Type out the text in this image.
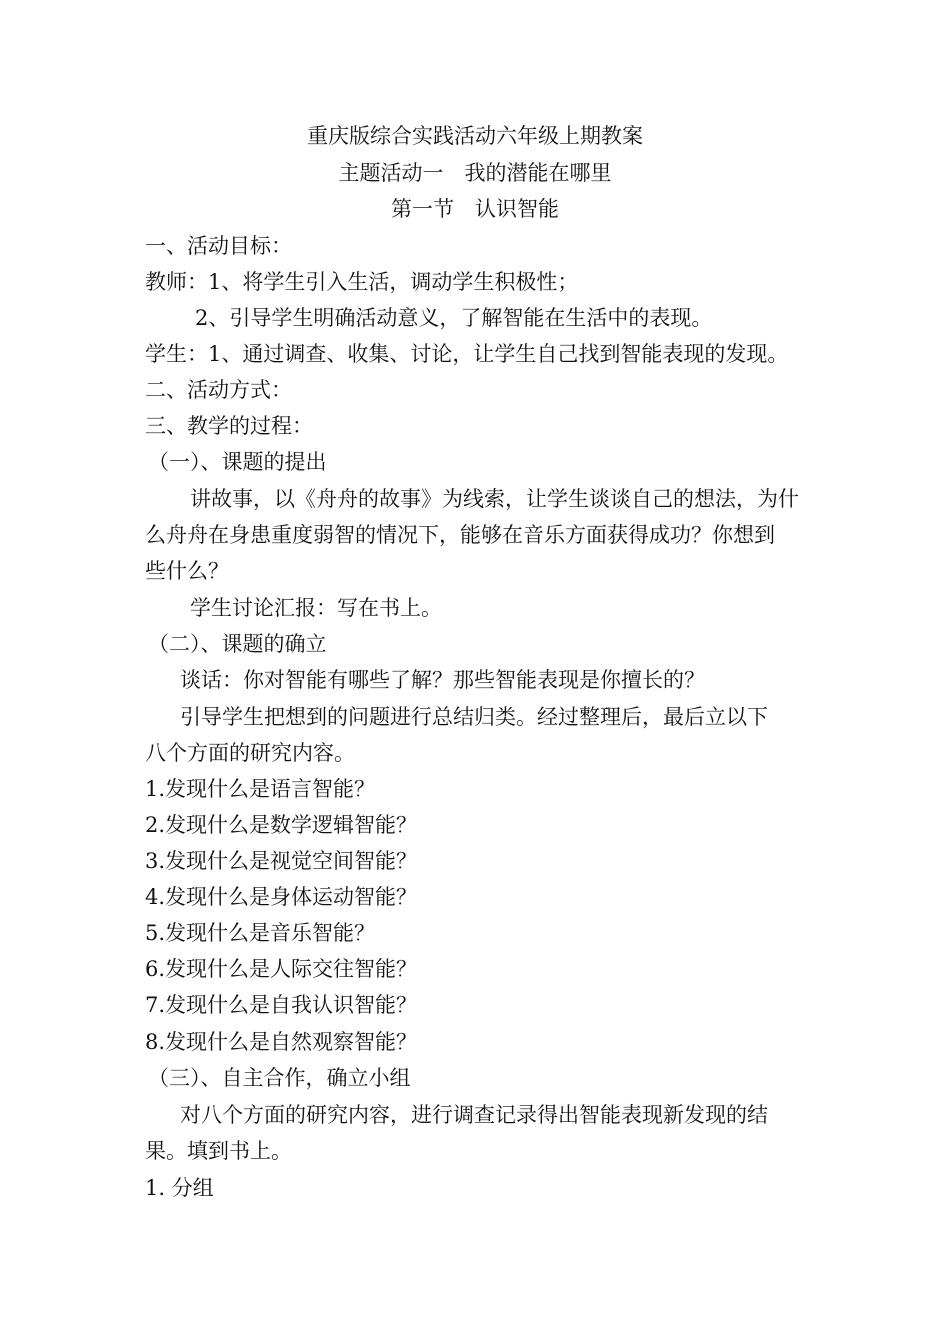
重庆版综合实践活动六年级上期教案
主题活动一　我的潜能在哪里
第一节　认识智能
一、活动目标：
教师：1、将学生引入生活，调动学生积极性；
2、引导学生明确活动意义，了解智能在生活中的表现。
学生：1、通过调查、收集、讨论，让学生自己找到智能表现的发现。
二、活动方式：
三、教学的过程：
（一）、课题的提出
讲故事，以《舟舟的故事》为线索，让学生谈谈自己的想法，为什
么舟舟在身患重度弱智的情况下，能够在音乐方面获得成功？你想到
些什么？
学生讨论汇报：写在书上。
（二）、课题的确立
谈话：你对智能有哪些了解？那些智能表现是你擅长的？
引导学生把想到的问题进行总结归类。经过整理后，最后立以下
八个方面的研究内容。
1.发现什么是语言智能？
2.发现什么是数学逻辑智能？
3.发现什么是视觉空间智能？
4.发现什么是身体运动智能？
5.发现什么是音乐智能？
6.发现什么是人际交往智能？
7.发现什么是自我认识智能？
8.发现什么是自然观察智能？
（三）、自主合作，确立小组
对八个方面的研究内容，进行调查记录得出智能表现新发现的结
果。填到书上。
1. 分组
